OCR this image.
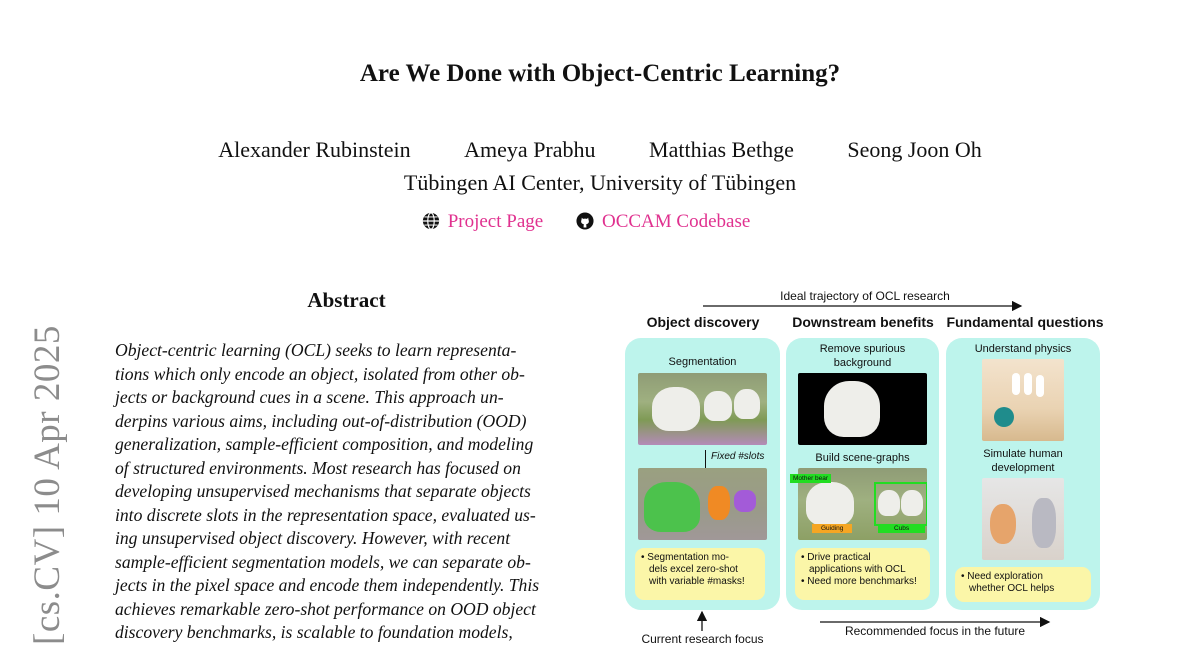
Are We Done with Object-Centric Learning?
Alexander Rubinstein Ameya Prabhu Matthias Bethge Seong Joon Oh
Tübingen AI Center, University of Tübingen
Project Page	OCCAM Codebase
[cs.CV] 10 Apr 2025
Abstract
Object-centric learning (OCL) seeks to learn representa-
tions which only encode an object, isolated from other ob-
jects or background cues in a scene. This approach un-
derpins various aims, including out-of-distribution (OOD)
generalization, sample-efficient composition, and modeling
of structured environments. Most research has focused on
developing unsupervised mechanisms that separate objects
into discrete slots in the representation space, evaluated us-
ing unsupervised object discovery. However, with recent
sample-efficient segmentation models, we can separate ob-
jects in the pixel space and encode them independently. This
achieves remarkable zero-shot performance on OOD object
discovery benchmarks, is scalable to foundation models,
Ideal trajectory of OCL research
Object discovery	Downstream benefits Fundamental questions
Segmentation
Fixed #slots
• Segmentation mo-
dels excel zero-shot
with variable #masks!
Remove spurious
background
Build scene-graphs
Mother bear
Guiding	Cubs
• Drive practical
applications with OCL
• Need more benchmarks!
Understand physics
Simulate human
development
• Need exploration
whether OCL helps
Current research focus
Recommended focus in the future
